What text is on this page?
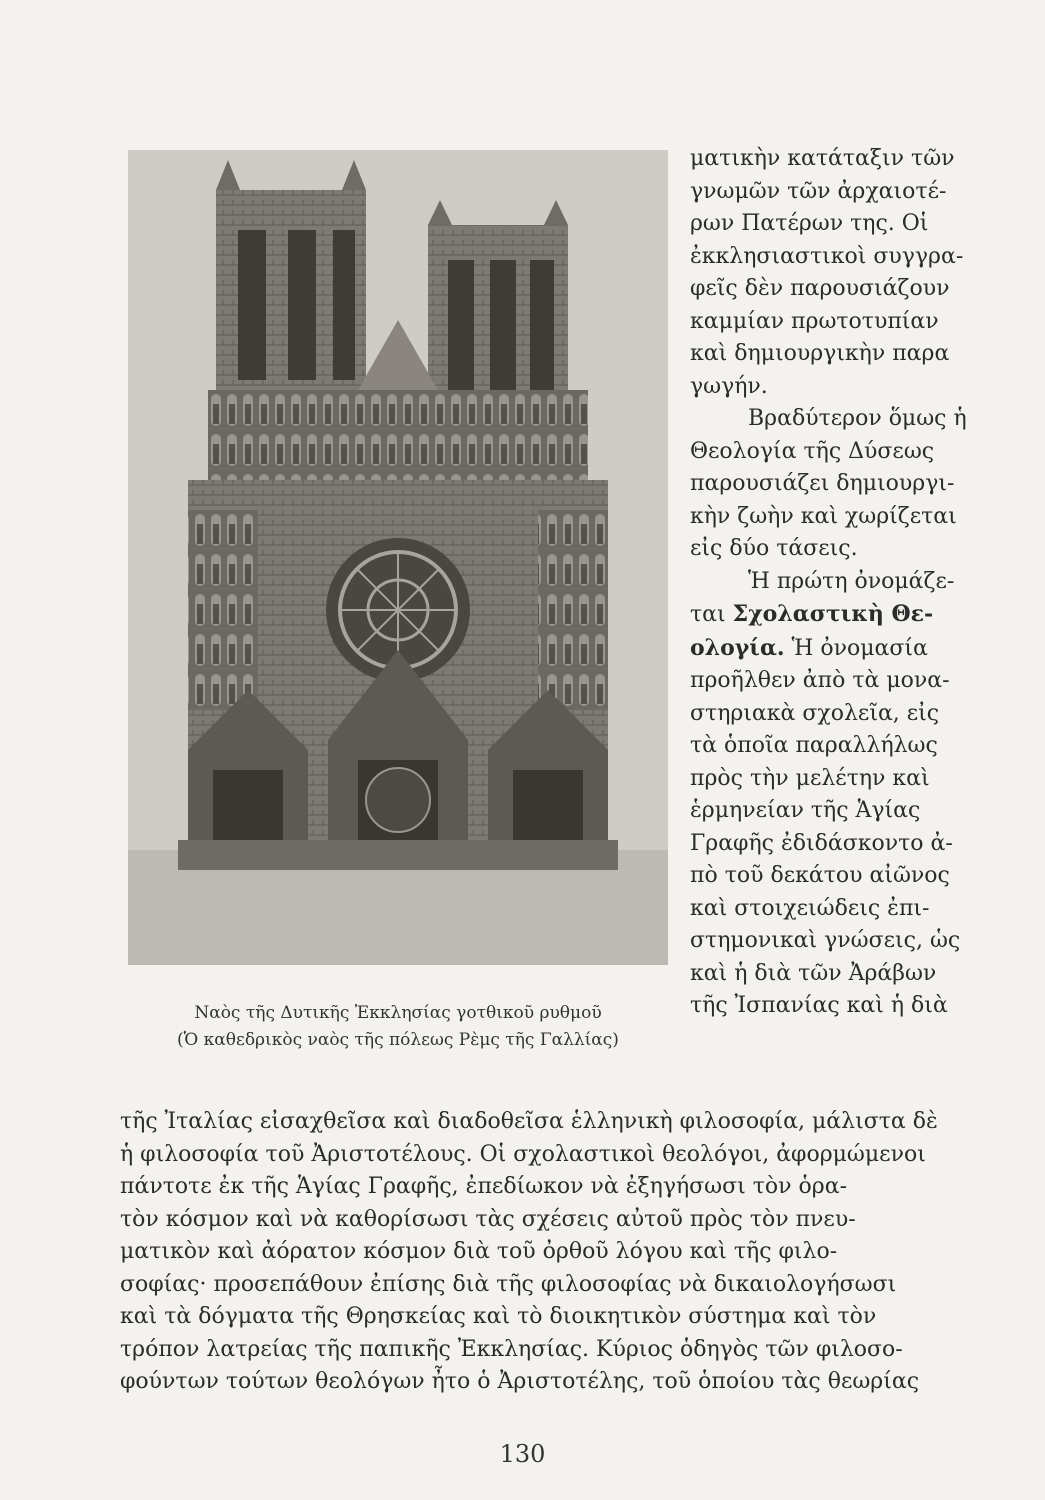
Ναὸς τῆς Δυτικῆς Ἐκκλησίας γοτθικοῦ ρυθμοῦ
(Ὁ καθεδρικὸς ναὸς τῆς πόλεως Ρὲμς τῆς Γαλλίας)
ματικὴν κατάταξιν τῶν
γνωμῶν τῶν ἀρχαιοτέ-
ρων Πατέρων της. Οἱ
ἐκκλησιαστικοὶ συγγρα-
φεῖς δὲν παρουσιάζουν
καμμίαν πρωτοτυπίαν
καὶ δημιουργικὴν παρα
γωγήν.
Βραδύτερον ὅμως ἡ
Θεολογία τῆς Δύσεως
παρουσιάζει δημιουργι-
κὴν ζωὴν καὶ χωρίζεται
εἰς δύο τάσεις.
Ἡ πρώτη ὀνομάζε-
ται Σχολαστικὴ Θε-
ολογία. Ἡ ὀνομασία
προῆλθεν ἀπὸ τὰ μονα-
στηριακὰ σχολεῖα, εἰς
τὰ ὁποῖα παραλλήλως
πρὸς τὴν μελέτην καὶ
ἑρμηνείαν τῆς Ἁγίας
Γραφῆς ἐδιδάσκοντο ἀ-
πὸ τοῦ δεκάτου αἰῶνος
καὶ στοιχειώδεις ἐπι-
στημονικαὶ γνώσεις, ὡς
καὶ ἡ διὰ τῶν Ἀράβων
τῆς Ἰσπανίας καὶ ἡ διὰ
τῆς Ἰταλίας εἰσαχθεῖσα καὶ διαδοθεῖσα ἑλληνικὴ φιλοσοφία, μάλιστα δὲ
ἡ φιλοσοφία τοῦ Ἀριστοτέλους. Οἱ σχολαστικοὶ θεολόγοι, ἀφορμώμενοι
πάντοτε ἐκ τῆς Ἁγίας Γραφῆς, ἐπεδίωκον νὰ ἐξηγήσωσι τὸν ὁρα-
τὸν κόσμον καὶ νὰ καθορίσωσι τὰς σχέσεις αὐτοῦ πρὸς τὸν πνευ-
ματικὸν καὶ ἀόρατον κόσμον διὰ τοῦ ὀρθοῦ λόγου καὶ τῆς φιλο-
σοφίας· προσεπάθουν ἐπίσης διὰ τῆς φιλοσοφίας νὰ δικαιολογήσωσι
καὶ τὰ δόγματα τῆς Θρησκείας καὶ τὸ διοικητικὸν σύστημα καὶ τὸν
τρόπον λατρείας τῆς παπικῆς Ἐκκλησίας. Κύριος ὁδηγὸς τῶν φιλοσο-
φούντων τούτων θεολόγων ἦτο ὁ Ἀριστοτέλης, τοῦ ὁποίου τὰς θεωρίας
130
